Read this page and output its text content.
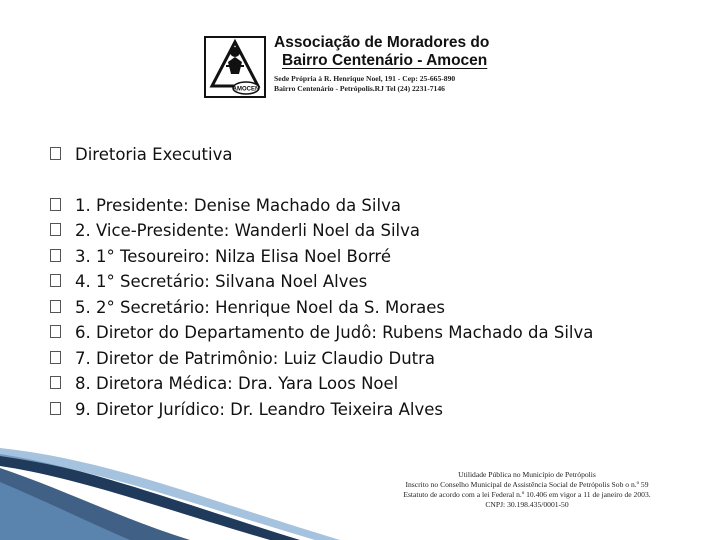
AMOCEN
Associação de Moradores do
Bairro Centenário - Amocen
Sede Própria à R. Henrique Noel, 191 - Cep: 25-665-890
Bairro Centenário - Petrópolis.RJ Tel (24) 2231-7146
Diretoria Executiva
1. Presidente: Denise Machado da Silva
2. Vice-Presidente: Wanderli Noel da Silva
3. 1° Tesoureiro: Nilza Elisa Noel Borré
4. 1° Secretário: Silvana Noel Alves
5. 2° Secretário: Henrique Noel da S. Moraes
6. Diretor do Departamento de Judô: Rubens Machado da Silva
7. Diretor de Patrimônio: Luiz Claudio Dutra
8. Diretora Médica: Dra. Yara Loos Noel
9. Diretor Jurídico: Dr. Leandro Teixeira Alves
Utilidade Pública no Município de Petrópolis
Inscrito no Conselho Municipal de Assistência Social de Petrópolis Sob o n.º 59
Estatuto de acordo com a lei Federal n.º 10.406 em vigor a 11 de janeiro de 2003.
CNPJ: 30.198.435/0001-50
